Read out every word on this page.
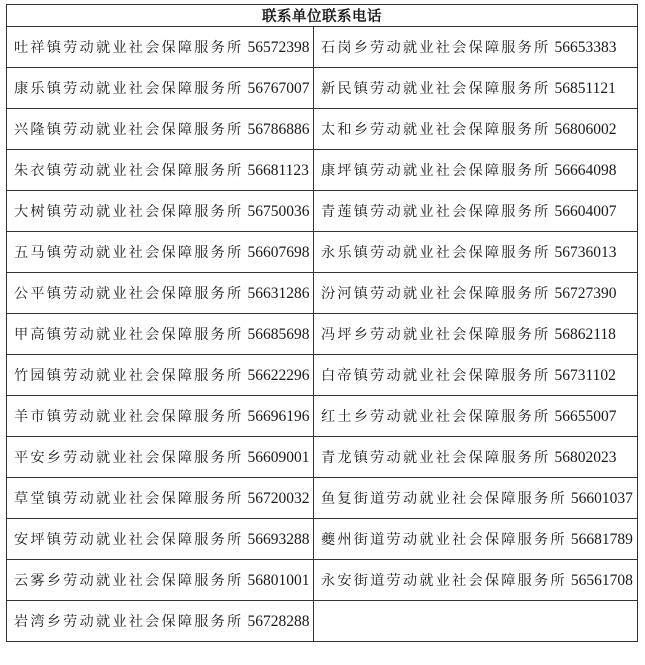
联系单位联系电话	
吐祥镇劳动就业社会保障服务所 56572398	石岗乡劳动就业社会保障服务所 56653383
康乐镇劳动就业社会保障服务所 56767007	新民镇劳动就业社会保障服务所 56851121
兴隆镇劳动就业社会保障服务所 56786886	太和乡劳动就业社会保障服务所 56806002
朱衣镇劳动就业社会保障服务所 56681123	康坪镇劳动就业社会保障服务所 56664098
大树镇劳动就业社会保障服务所 56750036	青莲镇劳动就业社会保障服务所 56604007
五马镇劳动就业社会保障服务所 56607698	永乐镇劳动就业社会保障服务所 56736013
公平镇劳动就业社会保障服务所 56631286	汾河镇劳动就业社会保障服务所 56727390
甲高镇劳动就业社会保障服务所 56685698	冯坪乡劳动就业社会保障服务所 56862118
竹园镇劳动就业社会保障服务所 56622296	白帝镇劳动就业社会保障服务所 56731102
羊市镇劳动就业社会保障服务所 56696196	红土乡劳动就业社会保障服务所 56655007
平安乡劳动就业社会保障服务所 56609001	青龙镇劳动就业社会保障服务所 56802023
草堂镇劳动就业社会保障服务所 56720032	鱼复街道劳动就业社会保障服务所 56601037
安坪镇劳动就业社会保障服务所 56693288	夔州街道劳动就业社会保障服务所 56681789
云雾乡劳动就业社会保障服务所 56801001	永安街道劳动就业社会保障服务所 56561708
岩湾乡劳动就业社会保障服务所 56728288	
